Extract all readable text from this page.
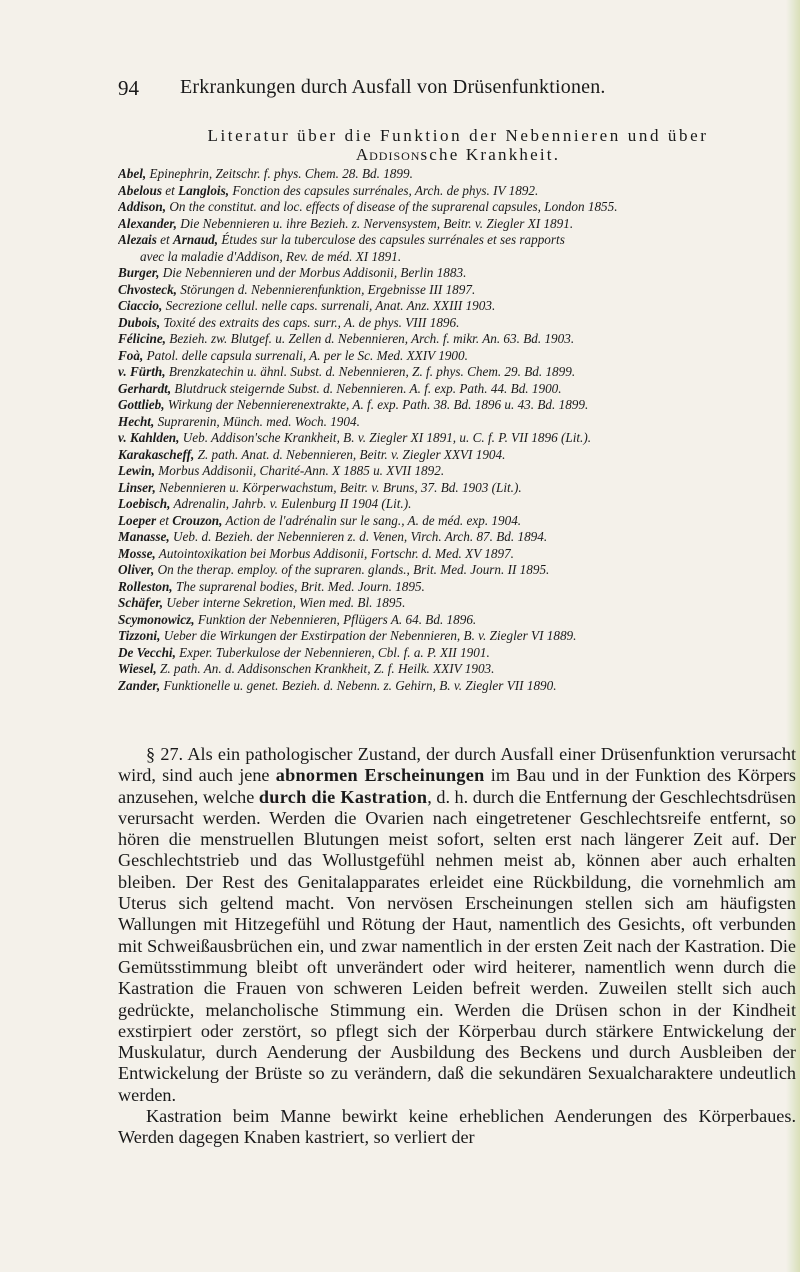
94 Erkrankungen durch Ausfall von Drüsenfunktionen.
Literatur über die Funktion der Nebennieren und über
Addisonsche Krankheit.
Abel, Epinephrin, Zeitschr. f. phys. Chem. 28. Bd. 1899.
Abelous et Langlois, Fonction des capsules surrénales, Arch. de phys. IV 1892.
Addison, On the constitut. and loc. effects of disease of the suprarenal capsules, London 1855.
Alexander, Die Nebennieren u. ihre Bezieh. z. Nervensystem, Beitr. v. Ziegler XI 1891.
Alezais et Arnaud, Études sur la tuberculose des capsules surrénales et ses rapports
avec la maladie d'Addison, Rev. de méd. XI 1891.
Burger, Die Nebennieren und der Morbus Addisonii, Berlin 1883.
Chvosteck, Störungen d. Nebennierenfunktion, Ergebnisse III 1897.
Ciaccio, Secrezione cellul. nelle caps. surrenali, Anat. Anz. XXIII 1903.
Dubois, Toxité des extraits des caps. surr., A. de phys. VIII 1896.
Félicine, Bezieh. zw. Blutgef. u. Zellen d. Nebennieren, Arch. f. mikr. An. 63. Bd. 1903.
Foà, Patol. delle capsula surrenali, A. per le Sc. Med. XXIV 1900.
v. Fürth, Brenzkatechin u. ähnl. Subst. d. Nebennieren, Z. f. phys. Chem. 29. Bd. 1899.
Gerhardt, Blutdruck steigernde Subst. d. Nebennieren. A. f. exp. Path. 44. Bd. 1900.
Gottlieb, Wirkung der Nebennierenextrakte, A. f. exp. Path. 38. Bd. 1896 u. 43. Bd. 1899.
Hecht, Suprarenin, Münch. med. Woch. 1904.
v. Kahlden, Ueb. Addison'sche Krankheit, B. v. Ziegler XI 1891, u. C. f. P. VII 1896 (Lit.).
Karakascheff, Z. path. Anat. d. Nebennieren, Beitr. v. Ziegler XXVI 1904.
Lewin, Morbus Addisonii, Charité-Ann. X 1885 u. XVII 1892.
Linser, Nebennieren u. Körperwachstum, Beitr. v. Bruns, 37. Bd. 1903 (Lit.).
Loebisch, Adrenalin, Jahrb. v. Eulenburg II 1904 (Lit.).
Loeper et Crouzon, Action de l'adrénalin sur le sang., A. de méd. exp. 1904.
Manasse, Ueb. d. Bezieh. der Nebennieren z. d. Venen, Virch. Arch. 87. Bd. 1894.
Mosse, Autointoxikation bei Morbus Addisonii, Fortschr. d. Med. XV 1897.
Oliver, On the therap. employ. of the supraren. glands., Brit. Med. Journ. II 1895.
Rolleston, The suprarenal bodies, Brit. Med. Journ. 1895.
Schäfer, Ueber interne Sekretion, Wien med. Bl. 1895.
Scymonowicz, Funktion der Nebennieren, Pflügers A. 64. Bd. 1896.
Tizzoni, Ueber die Wirkungen der Exstirpation der Nebennieren, B. v. Ziegler VI 1889.
De Vecchi, Exper. Tuberkulose der Nebennieren, Cbl. f. a. P. XII 1901.
Wiesel, Z. path. An. d. Addisonschen Krankheit, Z. f. Heilk. XXIV 1903.
Zander, Funktionelle u. genet. Bezieh. d. Nebenn. z. Gehirn, B. v. Ziegler VII 1890.

§ 27. Als ein pathologischer Zustand, der durch Ausfall einer Drüsenfunktion verursacht wird, sind auch jene abnormen Erscheinungen im Bau und in der Funktion des Körpers anzusehen, welche durch die Kastration, d. h. durch die Entfernung der Geschlechtsdrüsen verursacht werden. Werden die Ovarien nach eingetretener Geschlechtsreife entfernt, so hören die menstruellen Blutungen meist sofort, selten erst nach längerer Zeit auf. Der Geschlechtstrieb und das Wollustgefühl nehmen meist ab, können aber auch erhalten bleiben. Der Rest des Genitalapparates erleidet eine Rückbildung, die vornehmlich am Uterus sich geltend macht. Von nervösen Erscheinungen stellen sich am häufigsten Wallungen mit Hitzegefühl und Rötung der Haut, namentlich des Gesichts, oft verbunden mit Schweißausbrüchen ein, und zwar namentlich in der ersten Zeit nach der Kastration. Die Gemütsstimmung bleibt oft unverändert oder wird heiterer, namentlich wenn durch die Kastration die Frauen von schweren Leiden befreit werden. Zuweilen stellt sich auch gedrückte, melancholische Stimmung ein. Werden die Drüsen schon in der Kindheit exstirpiert oder zerstört, so pflegt sich der Körperbau durch stärkere Entwickelung der Muskulatur, durch Aenderung der Ausbildung des Beckens und durch Ausbleiben der Entwickelung der Brüste so zu verändern, daß die sekundären Sexualcharaktere undeutlich werden.

Kastration beim Manne bewirkt keine erheblichen Aenderungen des Körperbaues. Werden dagegen Knaben kastriert, so verliert der
